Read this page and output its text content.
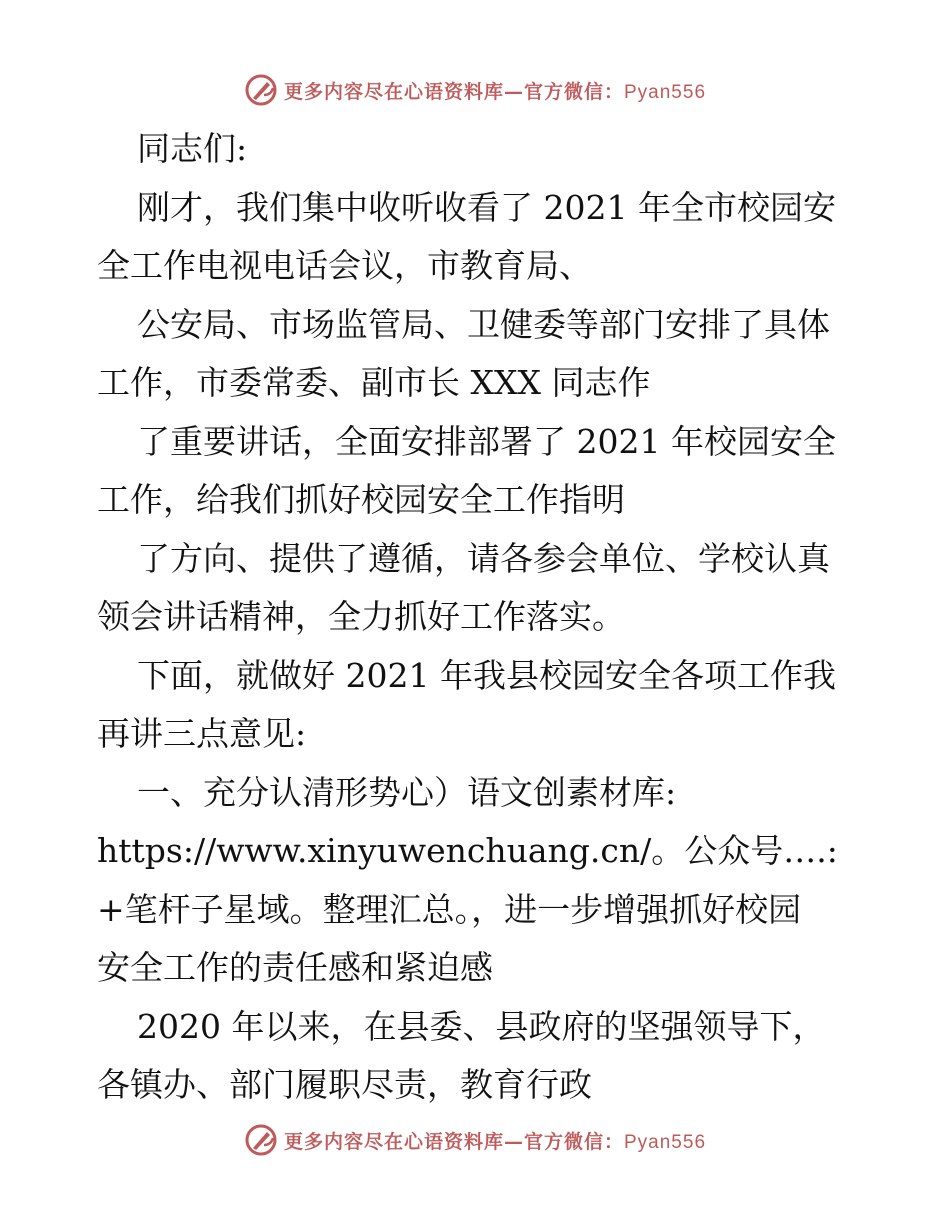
更多内容尽在心语资料库—官方微信：Pyan556
同志们:
刚才，我们集中收听收看了 2021 年全市校园安
全工作电视电话会议，市教育局、
公安局、市场监管局、卫健委等部门安排了具体
工作，市委常委、副市长 XXX 同志作
了重要讲话，全面安排部署了 2021 年校园安全
工作，给我们抓好校园安全工作指明
了方向、提供了遵循，请各参会单位、学校认真
领会讲话精神，全力抓好工作落实。
下面，就做好 2021 年我县校园安全各项工作我
再讲三点意见:
一、充分认清形势心）语文创素材库:
https://www.xinyuwenchuang.cn/。公众号….:
+笔杆子星域。整理汇总。，进一步增强抓好校园
安全工作的责任感和紧迫感
2020 年以来，在县委、县政府的坚强领导下，
各镇办、部门履职尽责，教育行政
更多内容尽在心语资料库—官方微信：Pyan556
